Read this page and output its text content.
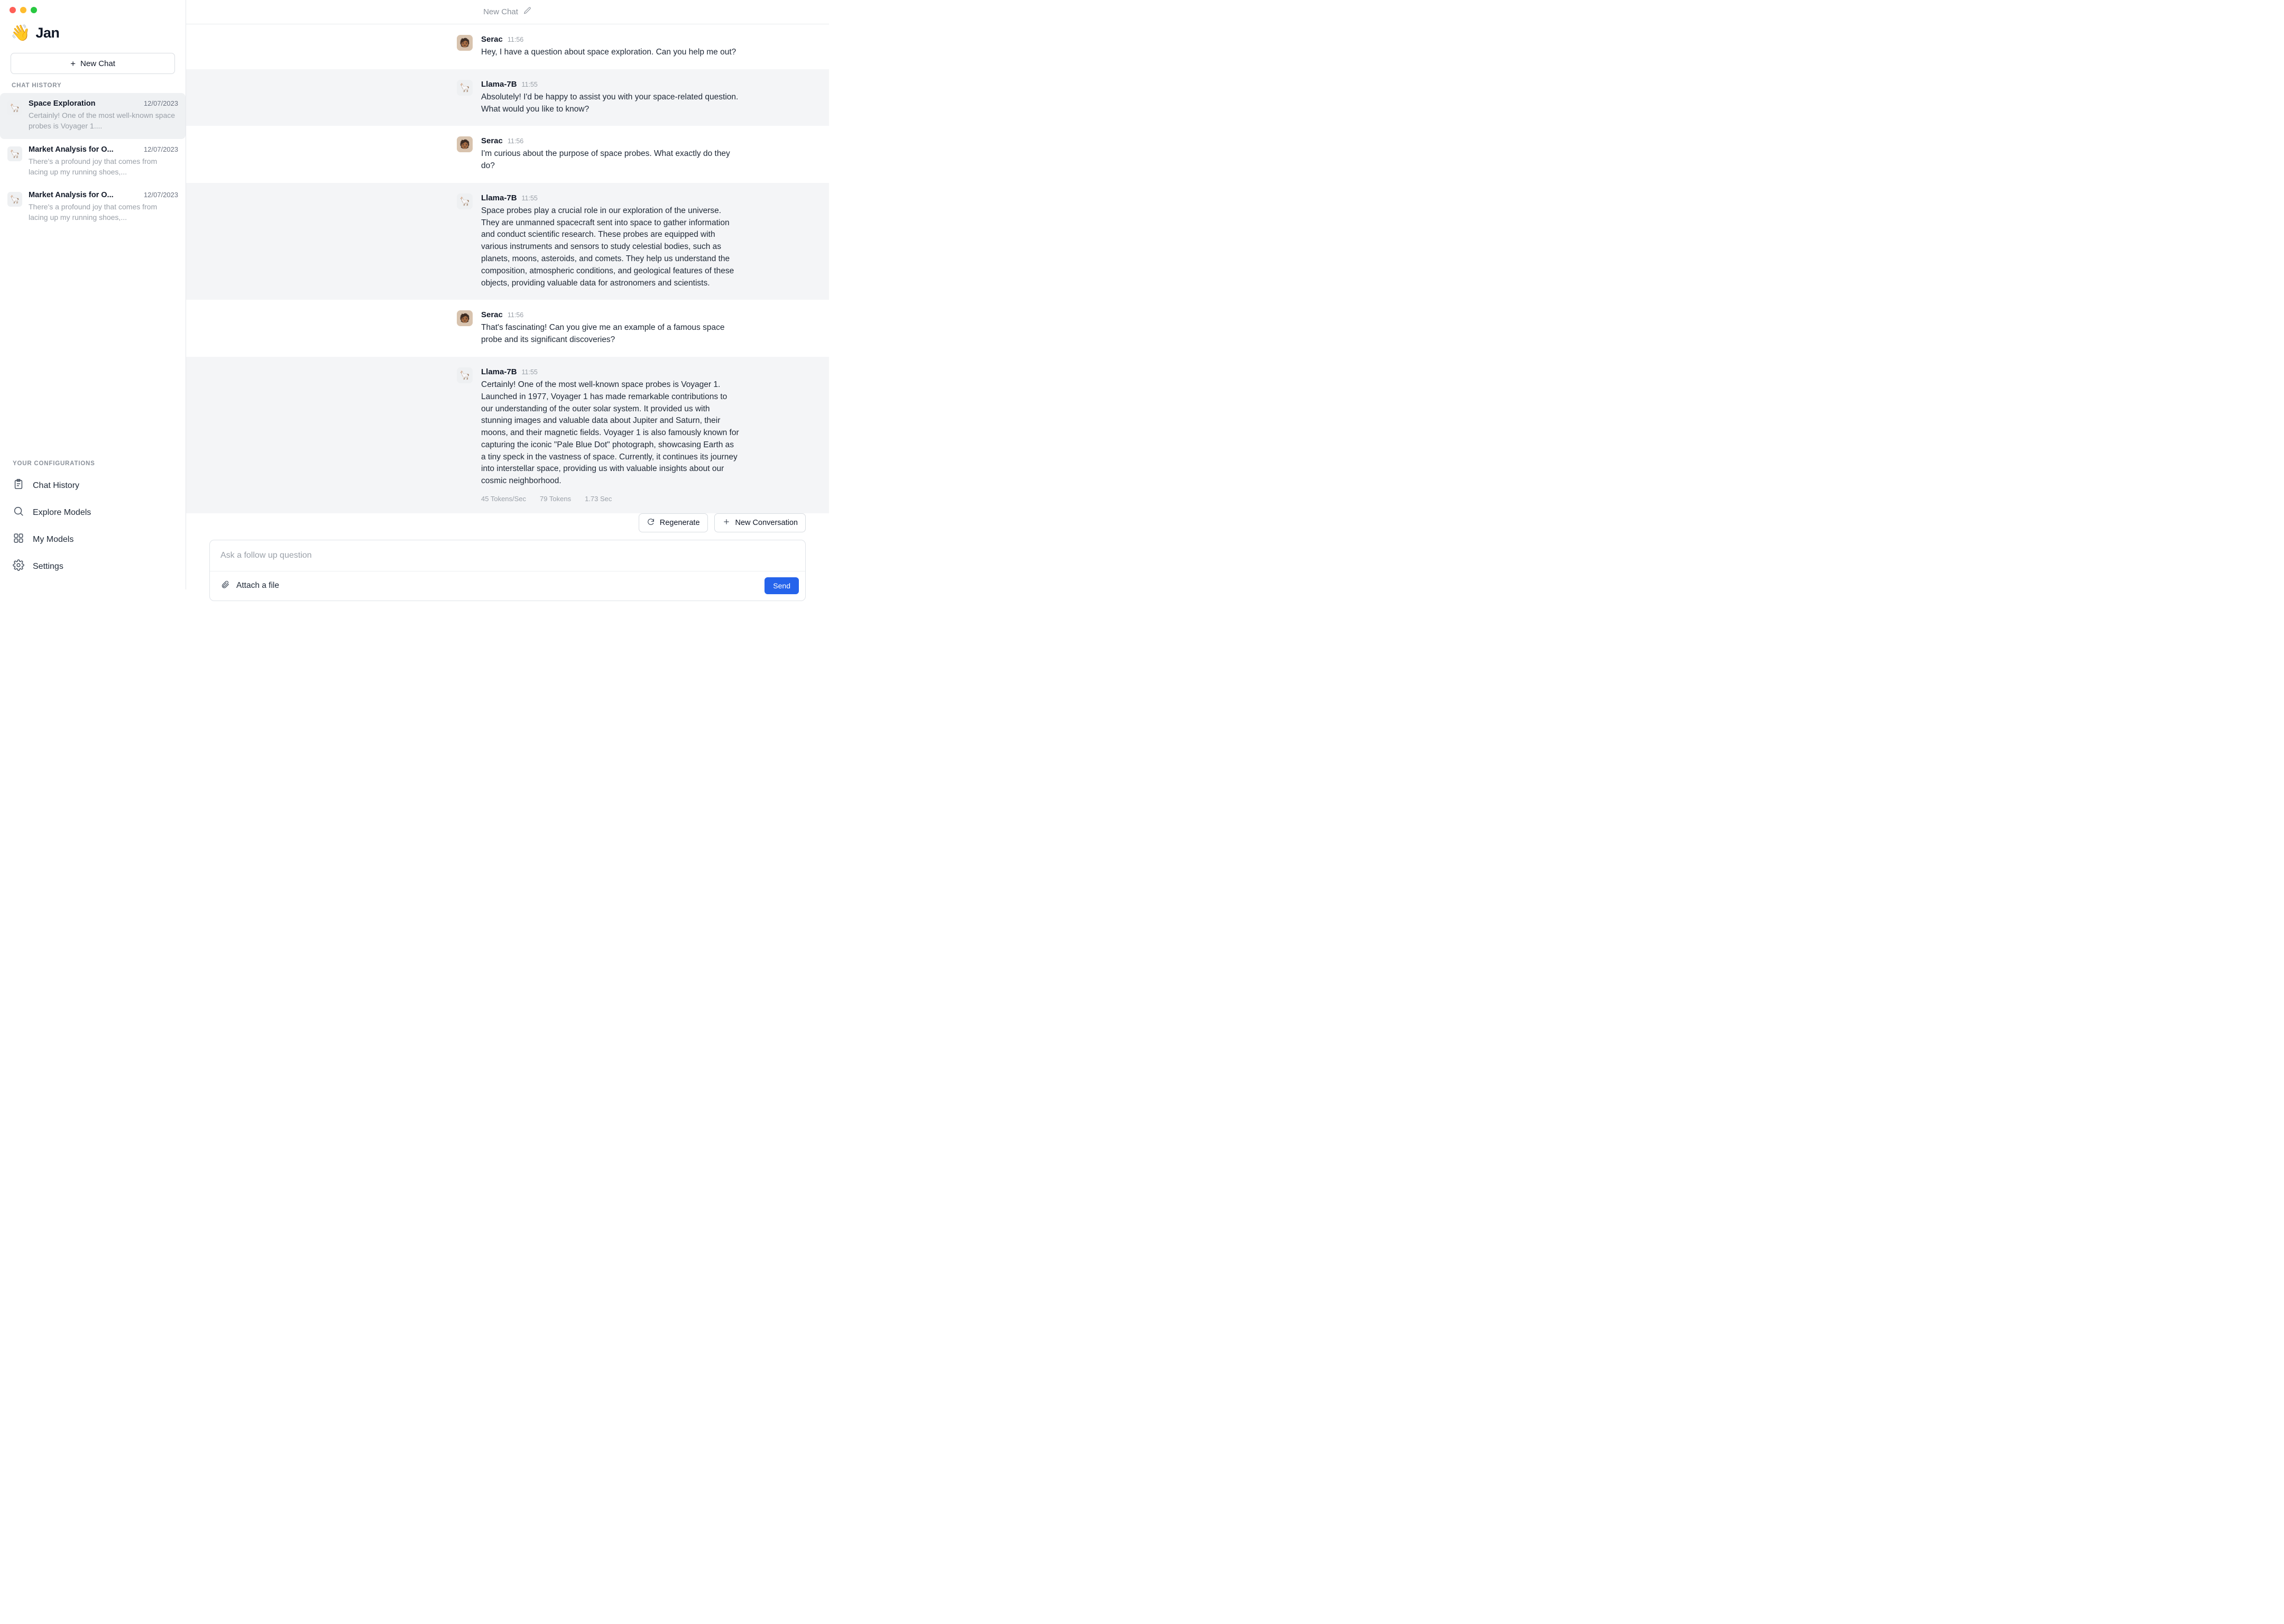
👋 Jan
+ New Chat
CHAT HISTORY
🦙	Space Exploration	12/07/2023
Certainly! One of the most well-known space probes is Voyager 1....
🦙	Market Analysis for O...	12/07/2023
There's a profound joy that comes from lacing up my running shoes,...
🦙	Market Analysis for O...	12/07/2023
There's a profound joy that comes from lacing up my running shoes,...
YOUR CONFIGURATIONS
Chat History
Explore Models
My Models
Settings
New Chat
🧑🏾	Serac 11:56
Hey, I have a question about space exploration. Can you help me out?
🦙	Llama-7B 11:55
Absolutely! I'd be happy to assist you with your space-related question. What would you like to know?
🧑🏾	Serac 11:56
I'm curious about the purpose of space probes. What exactly do they do?
🦙	Llama-7B 11:55
Space probes play a crucial role in our exploration of the universe. They are unmanned spacecraft sent into space to gather information and conduct scientific research. These probes are equipped with various instruments and sensors to study celestial bodies, such as planets, moons, asteroids, and comets. They help us understand the composition, atmospheric conditions, and geological features of these objects, providing valuable data for astronomers and scientists.
🧑🏾	Serac 11:56
That's fascinating! Can you give me an example of a famous space probe and its significant discoveries?
🦙	Llama-7B 11:55
Certainly! One of the most well-known space probes is Voyager 1. Launched in 1977, Voyager 1 has made remarkable contributions to our understanding of the outer solar system. It provided us with stunning images and valuable data about Jupiter and Saturn, their moons, and their magnetic fields. Voyager 1 is also famously known for capturing the iconic "Pale Blue Dot" photograph, showcasing Earth as a tiny speck in the vastness of space. Currently, it continues its journey into interstellar space, providing us with valuable insights about our cosmic neighborhood.
45 Tokens/Sec 79 Tokens 1.73 Sec
Regenerate	New Conversation
Ask a follow up question
Attach a file	Send
